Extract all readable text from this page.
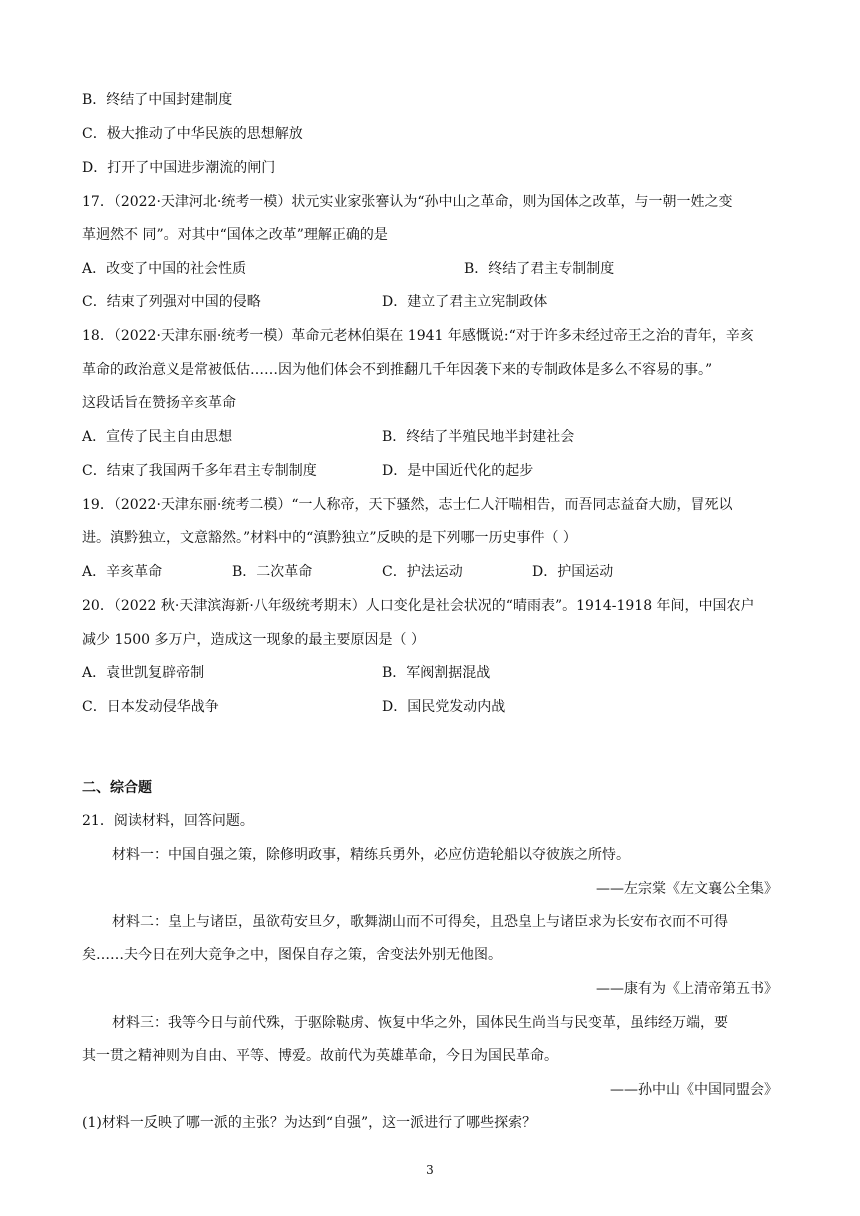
B．终结了中国封建制度
C．极大推动了中华民族的思想解放
D．打开了中国进步潮流的闸门
17．（2022·天津河北·统考一模）状元实业家张謇认为“孙中山之革命，则为国体之改革，与一朝一姓之变
革迥然不 同”。对其中“国体之改革”理解正确的是
A．改变了中国的社会性质	B．终结了君主专制制度
C．结束了列强对中国的侵略	D．建立了君主立宪制政体
18．（2022·天津东丽·统考一模）革命元老林伯渠在 1941 年感慨说:“对于许多未经过帝王之治的青年，辛亥
革命的政治意义是常被低估……因为他们体会不到推翻几千年因袭下来的专制政体是多么不容易的事。”
这段话旨在赞扬辛亥革命
A．宣传了民主自由思想	B．终结了半殖民地半封建社会
C．结束了我国两千多年君主专制制度	D．是中国近代化的起步
19．（2022·天津东丽·统考二模）“一人称帝，天下骚然，志士仁人汗喘相告，而吾同志益奋大励，冒死以
进。滇黔独立，文意豁然。”材料中的“滇黔独立”反映的是下列哪一历史事件（ ）
A．辛亥革命	B．二次革命	C．护法运动	D．护国运动
20．（2022 秋·天津滨海新·八年级统考期末）人口变化是社会状况的“晴雨表”。1914-1918 年间，中国农户
减少 1500 多万户，造成这一现象的最主要原因是（ ）
A．袁世凯复辟帝制	B．军阀割据混战
C．日本发动侵华战争	D．国民党发动内战
二、综合题
21．阅读材料，回答问题。
材料一：中国自强之策，除修明政事，精练兵勇外，必应仿造轮船以夺彼族之所恃。
——左宗棠《左文襄公全集》
材料二：皇上与诸臣，虽欲苟安旦夕，歌舞湖山而不可得矣，且恐皇上与诸臣求为长安布衣而不可得
矣……夫今日在列大竞争之中，图保自存之策，舍变法外别无他图。
——康有为《上清帝第五书》
材料三：我等今日与前代殊，于驱除鞑虏、恢复中华之外，国体民生尚当与民变革，虽纬经万端，要
其一贯之精神则为自由、平等、博爱。故前代为英雄革命，今日为国民革命。
——孙中山《中国同盟会》
(1)材料一反映了哪一派的主张？为达到“自强”，这一派进行了哪些探索？
3
